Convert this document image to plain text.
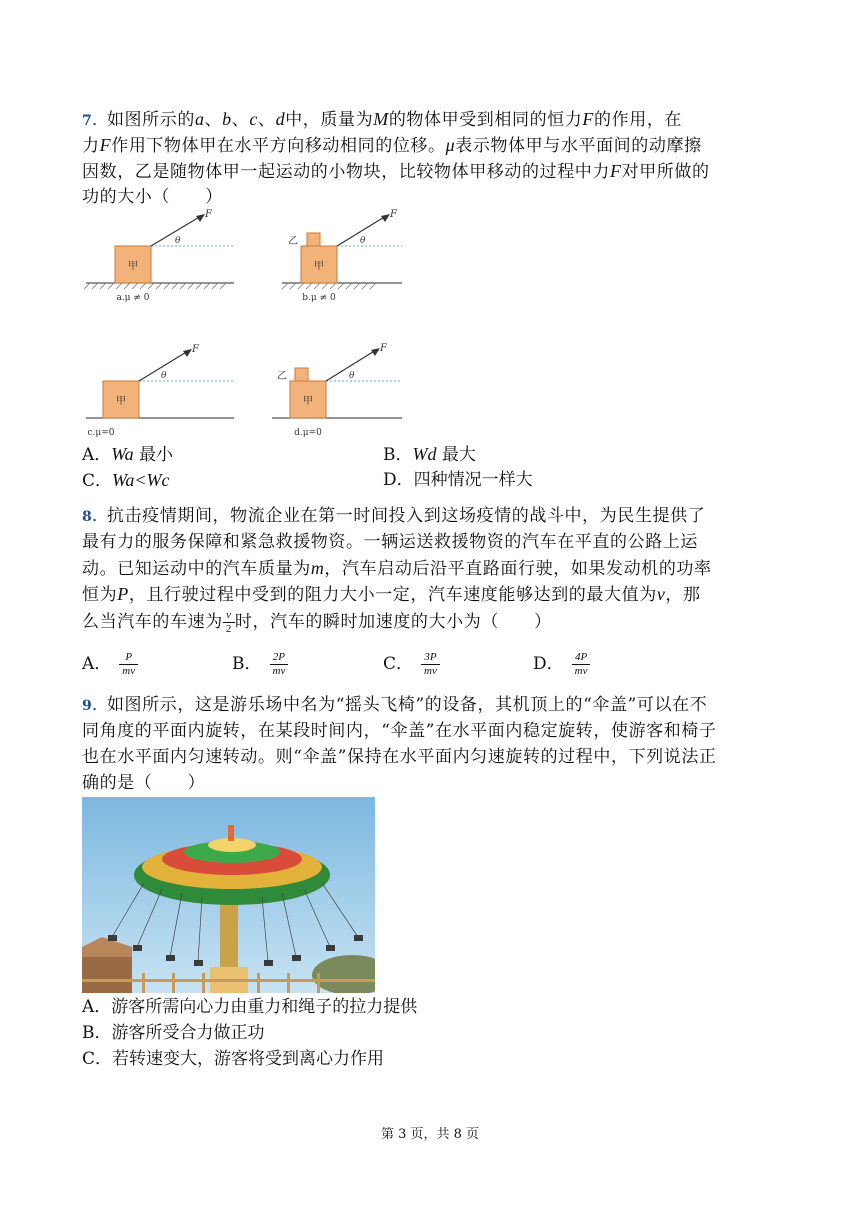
7．如图所示的a、b、c、d中，质量为M的物体甲受到相同的恒力F的作用，在
力F作用下物体甲在水平方向移动相同的位移。μ表示物体甲与水平面间的动摩擦
因数，乙是随物体甲一起运动的小物块，比较物体甲移动的过程中力F对甲所做的
功的大小（　　）
甲
F
θ
a.μ ≠ 0
甲
乙
F
θ
b.μ ≠ 0
甲
F
θ
c.μ=0
甲
乙
F
θ
d.μ=0
A．Wa 最小	B．Wd 最大
C．Wa<Wc	D．四种情况一样大
8．抗击疫情期间，物流企业在第一时间投入到这场疫情的战斗中，为民生提供了
最有力的服务保障和紧急救援物资。一辆运送救援物资的汽车在平直的公路上运
动。已知运动中的汽车质量为m，汽车启动后沿平直路面行驶，如果发动机的功率
恒为P，且行驶过程中受到的阻力大小一定，汽车速度能够达到的最大值为v，那
么当汽车的车速为 $\frac{v}{2}$ 时，汽车的瞬时加速度的大小为（　　）
A． $\frac{P}{mv}$	B． $\frac{2P}{mv}$	C． $\frac{3P}{mv}$	D． $\frac{4P}{mv}$
9．如图所示，这是游乐场中名为“摇头飞椅”的设备，其机顶上的“伞盖”可以在不
同角度的平面内旋转，在某段时间内，“伞盖”在水平面内稳定旋转，使游客和椅子
也在水平面内匀速转动。则“伞盖”保持在水平面内匀速旋转的过程中，下列说法正
确的是（　　）
A．游客所需向心力由重力和绳子的拉力提供
B．游客所受合力做正功
C．若转速变大，游客将受到离心力作用
第 3 页，共 8 页
